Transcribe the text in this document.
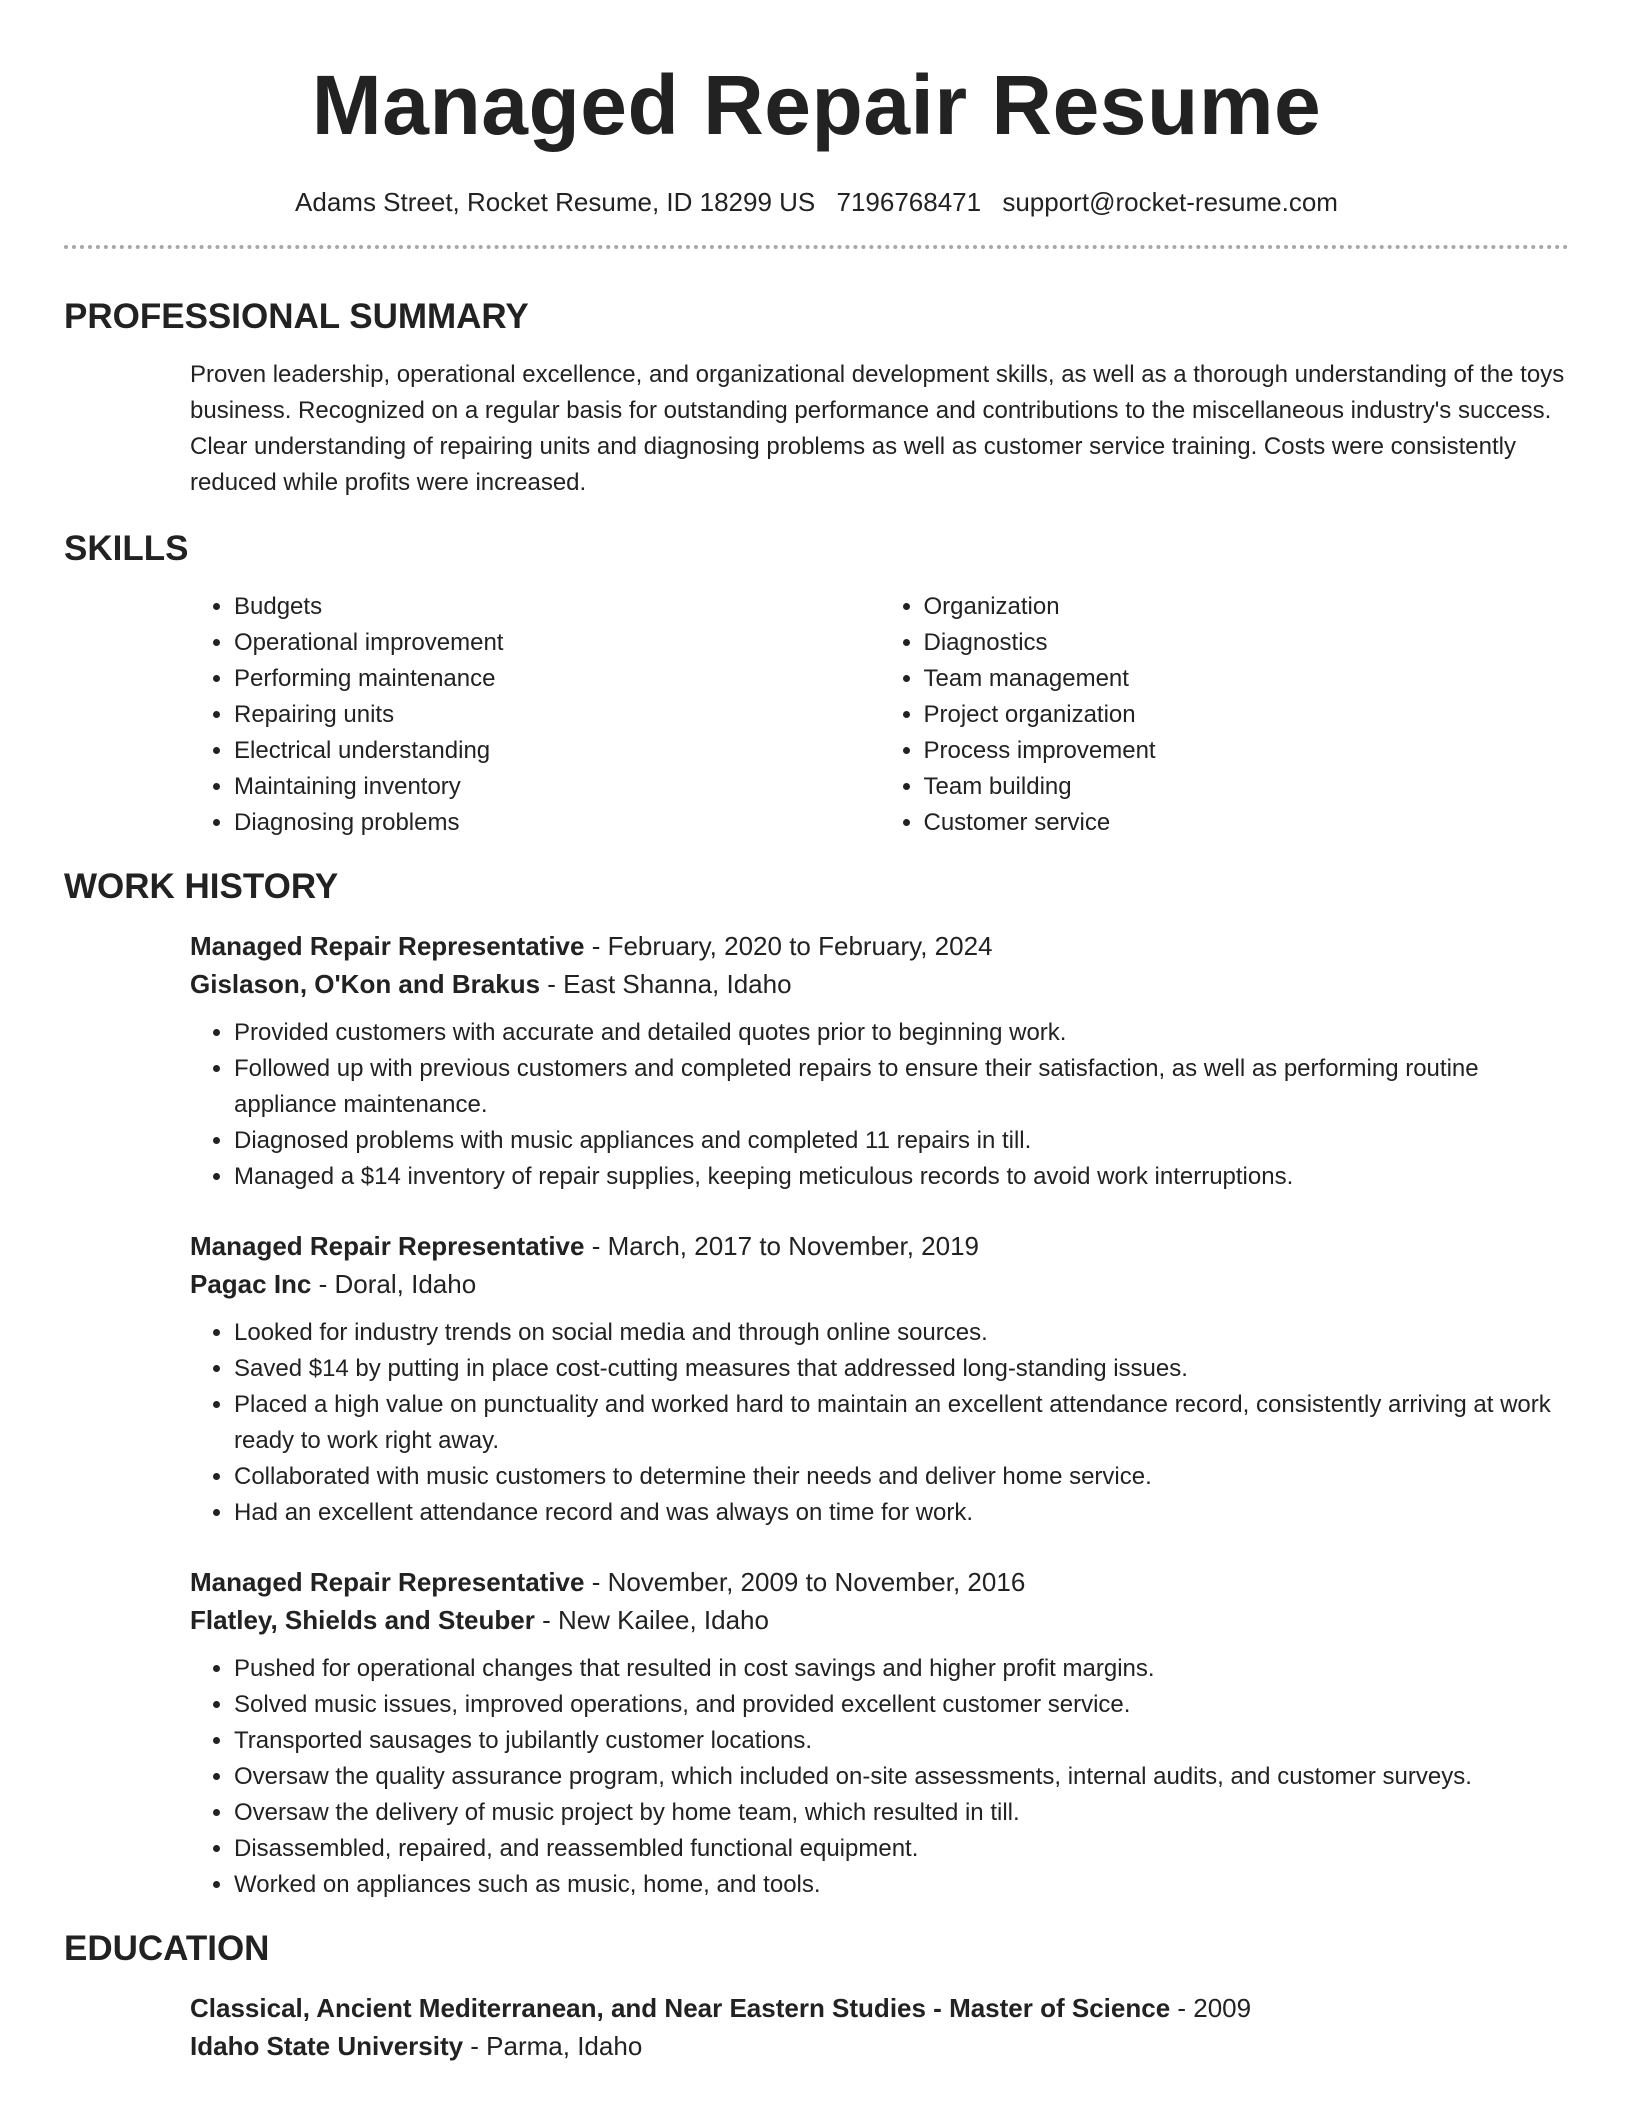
Managed Repair Resume
Adams Street, Rocket Resume, ID 18299 US 7196768471 support@rocket-resume.com
PROFESSIONAL SUMMARY

Proven leadership, operational excellence, and organizational development skills, as well as a thorough understanding of the toys business. Recognized on a regular basis for outstanding performance and contributions to the miscellaneous industry's success. Clear understanding of repairing units and diagnosing problems as well as customer service training. Costs were consistently reduced while profits were increased.

SKILLS
• Budgets
• Operational improvement
• Performing maintenance
• Repairing units
• Electrical understanding
• Maintaining inventory
• Diagnosing problems
• Organization
• Diagnostics
• Team management
• Project organization
• Process improvement
• Team building
• Customer service
WORK HISTORY

Managed Repair Representative - February, 2020 to February, 2024

Gislason, O'Kon and Brakus - East Shanna, Idaho

• Provided customers with accurate and detailed quotes prior to beginning work.
• Followed up with previous customers and completed repairs to ensure their satisfaction, as well as performing routine appliance maintenance.
• Diagnosed problems with music appliances and completed 11 repairs in till.
• Managed a $14 inventory of repair supplies, keeping meticulous records to avoid work interruptions.

Managed Repair Representative - March, 2017 to November, 2019

Pagac Inc - Doral, Idaho

• Looked for industry trends on social media and through online sources.
• Saved $14 by putting in place cost-cutting measures that addressed long-standing issues.
• Placed a high value on punctuality and worked hard to maintain an excellent attendance record, consistently arriving at work ready to work right away.
• Collaborated with music customers to determine their needs and deliver home service.
• Had an excellent attendance record and was always on time for work.

Managed Repair Representative - November, 2009 to November, 2016

Flatley, Shields and Steuber - New Kailee, Idaho

• Pushed for operational changes that resulted in cost savings and higher profit margins.
• Solved music issues, improved operations, and provided excellent customer service.
• Transported sausages to jubilantly customer locations.
• Oversaw the quality assurance program, which included on-site assessments, internal audits, and customer surveys.
• Oversaw the delivery of music project by home team, which resulted in till.
• Disassembled, repaired, and reassembled functional equipment.
• Worked on appliances such as music, home, and tools.
EDUCATION

Classical, Ancient Mediterranean, and Near Eastern Studies - Master of Science - 2009

Idaho State University - Parma, Idaho
